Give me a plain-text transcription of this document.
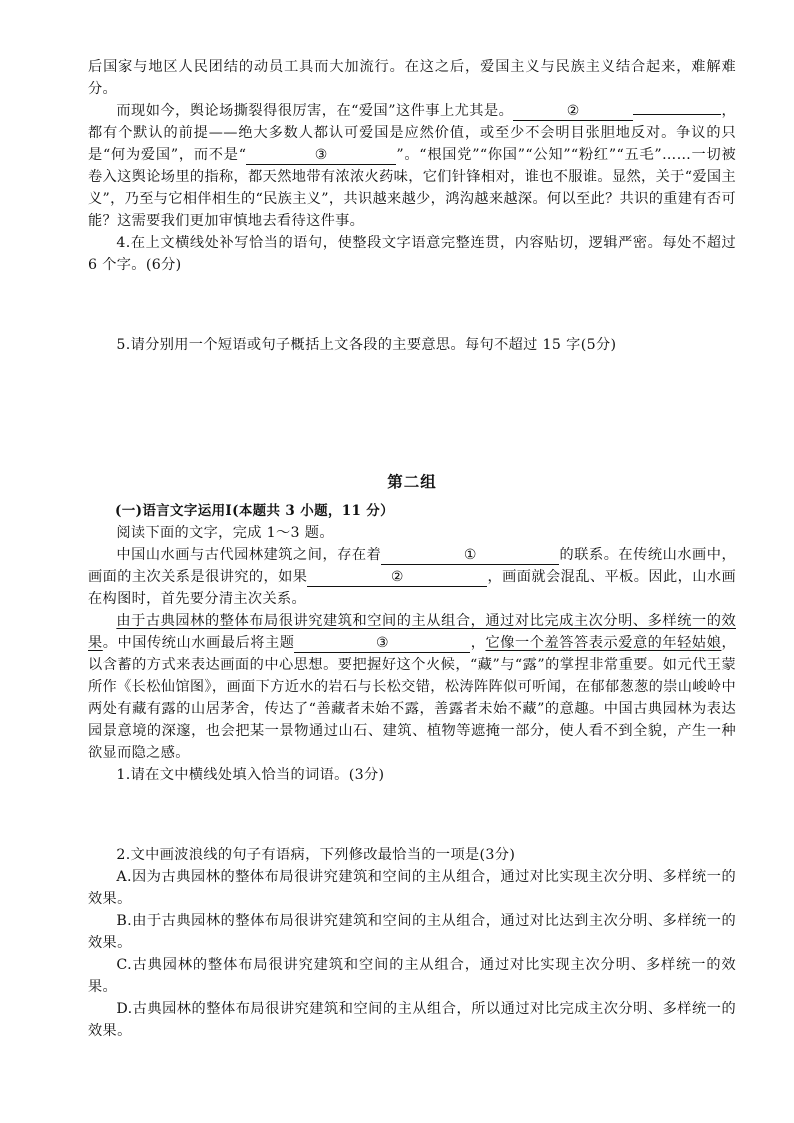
后国家与地区人民团结的动员工具而大加流行。在这之后，爱国主义与民族主义结合起来，难解难分。

而现如今，舆论场撕裂得很厉害，在“爱国”这件事上尤其是。	②	，都有个默认的前提——绝大多数人都认可爱国是应然价值，或至少不会明目张胆地反对。争议的只是“何为爱国”，而不是“	③	”。“根国党”“你国”“公知”“粉红”“五毛”……一切被卷入这舆论场里的指称，都天然地带有浓浓火药味，它们针锋相对，谁也不服谁。显然，关于“爱国主义”，乃至与它相伴相生的“民族主义”，共识越来越少，鸿沟越来越深。何以至此？共识的重建有否可能？这需要我们更加审慎地去看待这件事。

4.在上文横线处补写恰当的语句，使整段文字语意完整连贯，内容贴切，逻辑严密。每处不超过 6 个字。(6分)

5.请分别用一个短语或句子概括上文各段的主要意思。每句不超过 15 字(5分)

第二组

(一)语言文字运用Ⅰ(本题共 3 小题，11 分）

阅读下面的文字，完成 1～3 题。

中国山水画与古代园林建筑之间，存在着	①	的联系。在传统山水画中，画面的主次关系是很讲究的，如果	②	，画面就会混乱、平板。因此，山水画在构图时，首先要分清主次关系。

由于古典园林的整体布局很讲究建筑和空间的主从组合，通过对比完成主次分明、多样统一的效果。中国传统山水画最后将主题	③	，它像一个羞答答表示爱意的年轻姑娘，以含蓄的方式来表达画面的中心思想。要把握好这个火候，“藏”与“露”的掌捏非常重要。如元代王蒙所作《长松仙馆图》，画面下方近水的岩石与长松交错，松涛阵阵似可听闻，在郁郁葱葱的崇山峻岭中两处有藏有露的山居茅舍，传达了“善藏者未始不露，善露者未始不藏”的意趣。中国古典园林为表达园景意境的深邃，也会把某一景物通过山石、建筑、植物等遮掩一部分，使人看不到全貌，产生一种欲显而隐之感。

1.请在文中横线处填入恰当的词语。(3分)

2.文中画波浪线的句子有语病，下列修改最恰当的一项是(3分)

A.因为古典园林的整体布局很讲究建筑和空间的主从组合，通过对比实现主次分明、多样统一的效果。

B.由于古典园林的整体布局很讲究建筑和空间的主从组合，通过对比达到主次分明、多样统一的效果。

C.古典园林的整体布局很讲究建筑和空间的主从组合，通过对比实现主次分明、多样统一的效果。

D.古典园林的整体布局很讲究建筑和空间的主从组合，所以通过对比完成主次分明、多样统一的效果。
